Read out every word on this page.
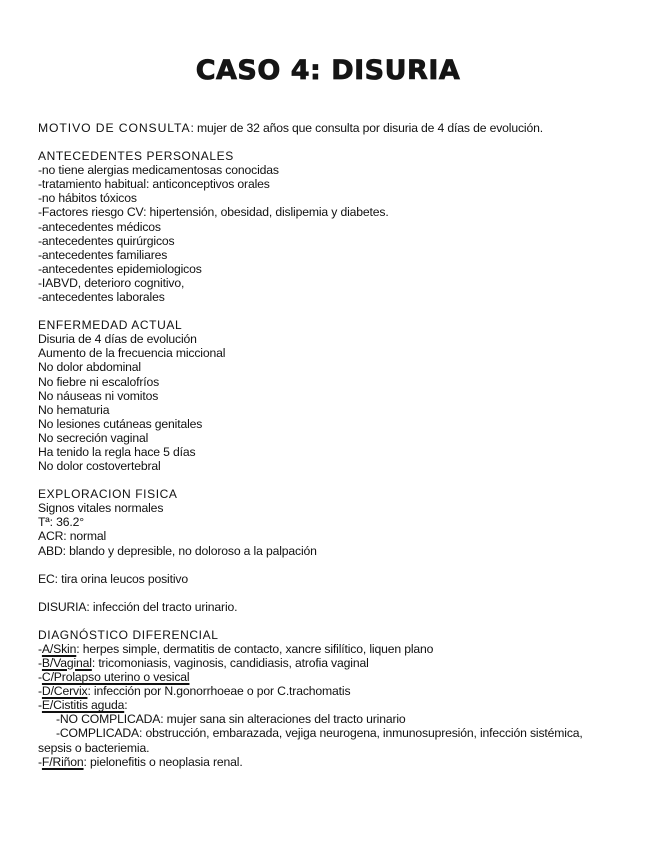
CASO 4: DISURIA
MOTIVO DE CONSULTA: mujer de 32 años que consulta por disuria de 4 días de evolución.
ANTECEDENTES PERSONALES
-no tiene alergias medicamentosas conocidas
-tratamiento habitual: anticonceptivos orales
-no hábitos tóxicos
-Factores riesgo CV: hipertensión, obesidad, dislipemia y diabetes.
-antecedentes médicos
-antecedentes quirúrgicos
-antecedentes familiares
-antecedentes epidemiologicos
-IABVD, deterioro cognitivo,
-antecedentes laborales
ENFERMEDAD ACTUAL
Disuria de 4 días de evolución
Aumento de la frecuencia miccional
No dolor abdominal
No fiebre ni escalofríos
No náuseas ni vomitos
No hematuria
No lesiones cutáneas genitales
No secreción vaginal
Ha tenido la regla hace 5 días
No dolor costovertebral
EXPLORACION FISICA
Signos vitales normales
Tª: 36.2°
ACR: normal
ABD: blando y depresible, no doloroso a la palpación
EC: tira orina leucos positivo
DISURIA: infección del tracto urinario.
DIAGNÓSTICO DIFERENCIAL
-A/Skin: herpes simple, dermatitis de contacto, xancre sifilítico, liquen plano
-B/Vaginal: tricomoniasis, vaginosis, candidiasis, atrofia vaginal
-C/Prolapso uterino o vesical
-D/Cervix: infección por N.gonorrhoeae o por C.trachomatis
-E/Cistitis aguda:
-NO COMPLICADA: mujer sana sin alteraciones del tracto urinario
-COMPLICADA: obstrucción, embarazada, vejiga neurogena, inmunosupresión, infección sistémica, sepsis o bacteriemia.
-F/Riñon: pielonefitis o neoplasia renal.
